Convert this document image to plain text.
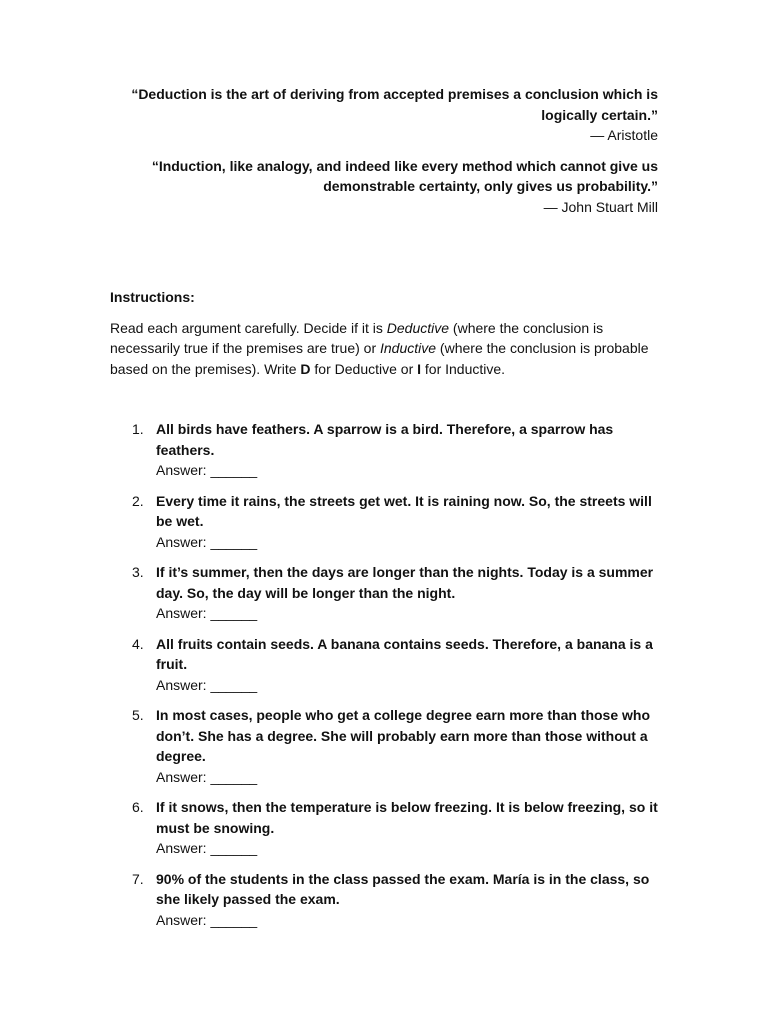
“Deduction is the art of deriving from accepted premises a conclusion which is logically certain.”
— Aristotle
“Induction, like analogy, and indeed like every method which cannot give us demonstrable certainty, only gives us probability.”
— John Stuart Mill
Instructions:
Read each argument carefully. Decide if it is Deductive (where the conclusion is necessarily true if the premises are true) or Inductive (where the conclusion is probable based on the premises). Write D for Deductive or I for Inductive.
1. All birds have feathers. A sparrow is a bird. Therefore, a sparrow has feathers.
Answer: ______
2. Every time it rains, the streets get wet. It is raining now. So, the streets will be wet.
Answer: ______
3. If it’s summer, then the days are longer than the nights. Today is a summer day. So, the day will be longer than the night.
Answer: ______
4. All fruits contain seeds. A banana contains seeds. Therefore, a banana is a fruit.
Answer: ______
5. In most cases, people who get a college degree earn more than those who don’t. She has a degree. She will probably earn more than those without a degree.
Answer: ______
6. If it snows, then the temperature is below freezing. It is below freezing, so it must be snowing.
Answer: ______
7. 90% of the students in the class passed the exam. María is in the class, so she likely passed the exam.
Answer: ______
